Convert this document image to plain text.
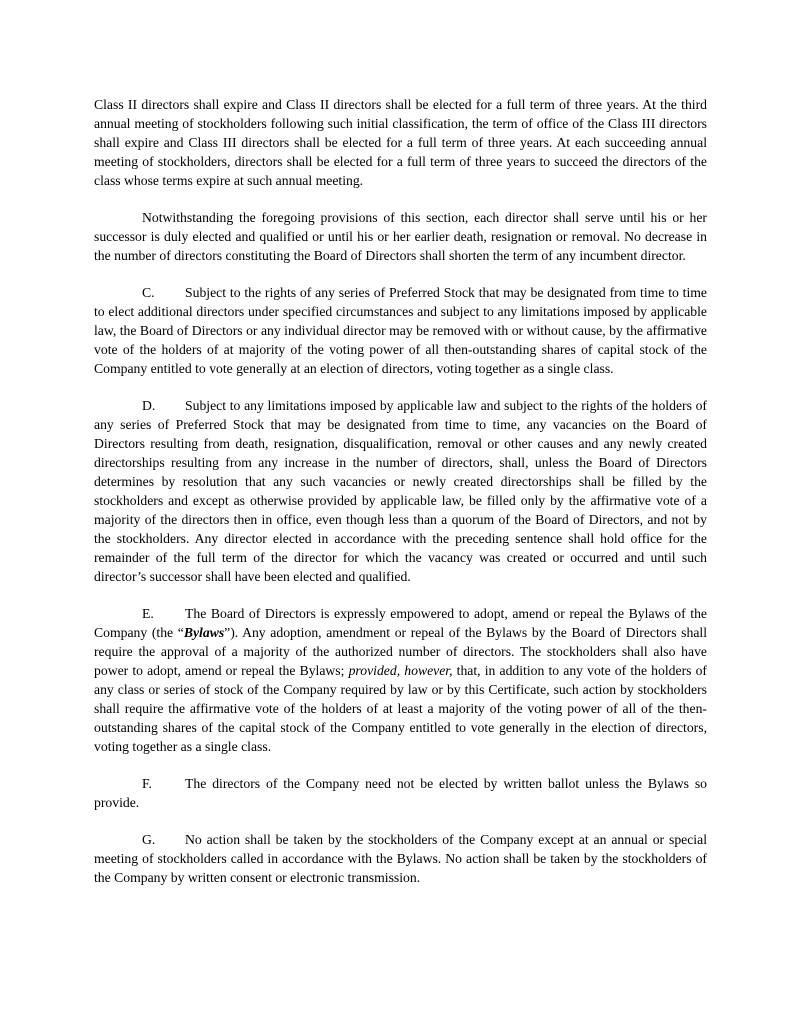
Class II directors shall expire and Class II directors shall be elected for a full term of three years. At the third annual meeting of stockholders following such initial classification, the term of office of the Class III directors shall expire and Class III directors shall be elected for a full term of three years. At each succeeding annual meeting of stockholders, directors shall be elected for a full term of three years to succeed the directors of the class whose terms expire at such annual meeting.

Notwithstanding the foregoing provisions of this section, each director shall serve until his or her successor is duly elected and qualified or until his or her earlier death, resignation or removal. No decrease in the number of directors constituting the Board of Directors shall shorten the term of any incumbent director.

C. Subject to the rights of any series of Preferred Stock that may be designated from time to time to elect additional directors under specified circumstances and subject to any limitations imposed by applicable law, the Board of Directors or any individual director may be removed with or without cause, by the affirmative vote of the holders of at majority of the voting power of all then-outstanding shares of capital stock of the Company entitled to vote generally at an election of directors, voting together as a single class.

D. Subject to any limitations imposed by applicable law and subject to the rights of the holders of any series of Preferred Stock that may be designated from time to time, any vacancies on the Board of Directors resulting from death, resignation, disqualification, removal or other causes and any newly created directorships resulting from any increase in the number of directors, shall, unless the Board of Directors determines by resolution that any such vacancies or newly created directorships shall be filled by the stockholders and except as otherwise provided by applicable law, be filled only by the affirmative vote of a majority of the directors then in office, even though less than a quorum of the Board of Directors, and not by the stockholders. Any director elected in accordance with the preceding sentence shall hold office for the remainder of the full term of the director for which the vacancy was created or occurred and until such director’s successor shall have been elected and qualified.

E. The Board of Directors is expressly empowered to adopt, amend or repeal the Bylaws of the Company (the “Bylaws”). Any adoption, amendment or repeal of the Bylaws by the Board of Directors shall require the approval of a majority of the authorized number of directors. The stockholders shall also have power to adopt, amend or repeal the Bylaws; provided, however, that, in addition to any vote of the holders of any class or series of stock of the Company required by law or by this Certificate, such action by stockholders shall require the affirmative vote of the holders of at least a majority of the voting power of all of the then-outstanding shares of the capital stock of the Company entitled to vote generally in the election of directors, voting together as a single class.

F. The directors of the Company need not be elected by written ballot unless the Bylaws so provide.

G. No action shall be taken by the stockholders of the Company except at an annual or special meeting of stockholders called in accordance with the Bylaws. No action shall be taken by the stockholders of the Company by written consent or electronic transmission.
